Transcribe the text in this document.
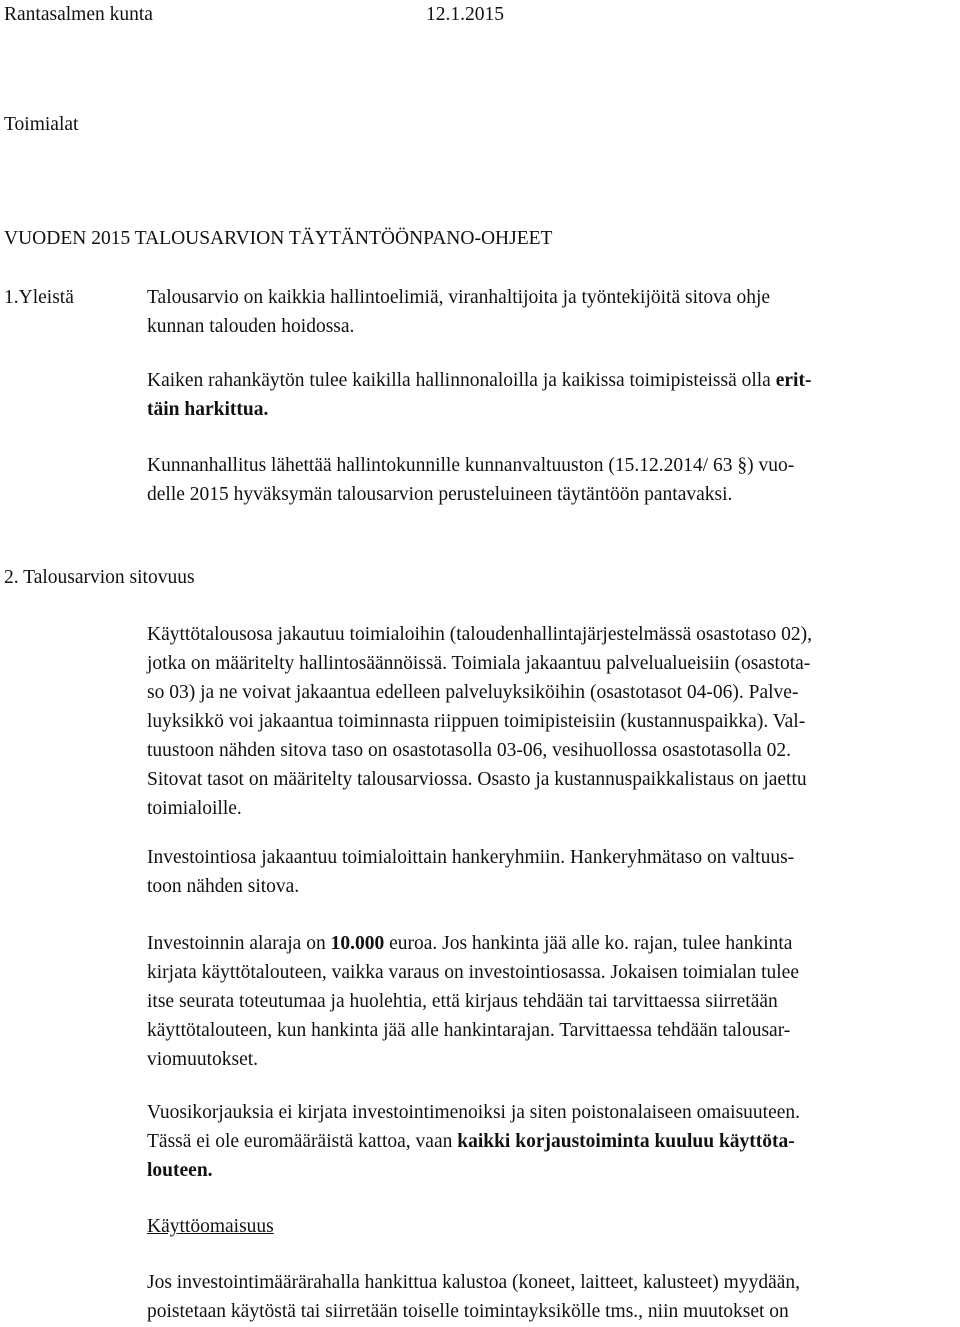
Rantasalmen kunta	12.1.2015
Toimialat
VUODEN 2015 TALOUSARVION TÄYTÄNTÖÖNPANO-OHJEET
1.Yleistä	Talousarvio on kaikkia hallintoelimiä, viranhaltijoita ja työntekijöitä sitova ohje
kunnan talouden hoidossa.
Kaiken rahankäytön tulee kaikilla hallinnonaloilla ja kaikissa toimipisteissä olla erit-
täin harkittua.
Kunnanhallitus lähettää hallintokunnille kunnanvaltuuston (15.12.2014/ 63 §) vuo-
delle 2015 hyväksymän talousarvion perusteluineen täytäntöön pantavaksi.
2. Talousarvion sitovuus
Käyttötalousosa jakautuu toimialoihin (taloudenhallintajärjestelmässä osastotaso 02),
jotka on määritelty hallintosäännöissä. Toimiala jakaantuu palvelualueisiin (osastota-
so 03) ja ne voivat jakaantua edelleen palveluyksiköihin (osastotasot 04-06). Palve-
luyksikkö voi jakaantua toiminnasta riippuen toimipisteisiin (kustannuspaikka). Val-
tuustoon nähden sitova taso on osastotasolla 03-06, vesihuollossa osastotasolla 02.
Sitovat tasot on määritelty talousarviossa. Osasto ja kustannuspaikkalistaus on jaettu
toimialoille.
Investointiosa jakaantuu toimialoittain hankeryhmiin. Hankeryhmätaso on valtuus-
toon nähden sitova.
Investoinnin alaraja on 10.000 euroa. Jos hankinta jää alle ko. rajan, tulee hankinta
kirjata käyttötalouteen, vaikka varaus on investointiosassa. Jokaisen toimialan tulee
itse seurata toteutumaa ja huolehtia, että kirjaus tehdään tai tarvittaessa siirretään
käyttötalouteen, kun hankinta jää alle hankintarajan. Tarvittaessa tehdään talousar-
viomuutokset.
Vuosikorjauksia ei kirjata investointimenoiksi ja siten poistonalaiseen omaisuuteen.
Tässä ei ole euromääräistä kattoa, vaan kaikki korjaustoiminta kuuluu käyttöta-
louteen.
Käyttöomaisuus
Jos investointimäärärahalla hankittua kalustoa (koneet, laitteet, kalusteet) myydään,
poistetaan käytöstä tai siirretään toiselle toimintayksikölle tms., niin muutokset on
